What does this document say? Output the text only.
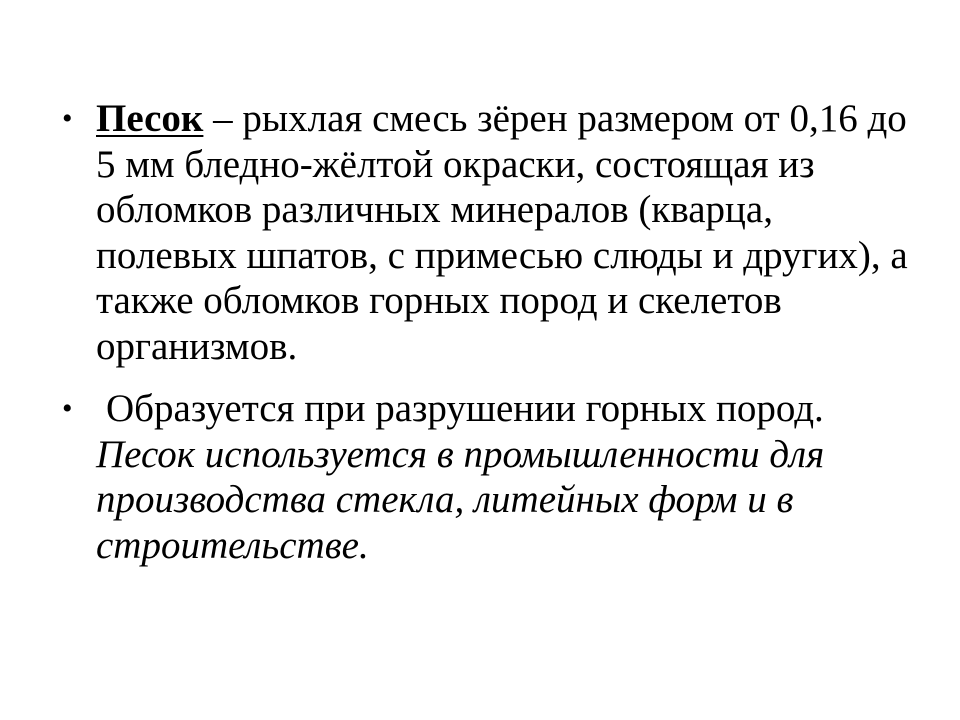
• Песок – рыхлая смесь зёрен размером от 0,16 до 5 мм бледно-жёлтой окраски, состоящая из обломков различных минералов (кварца, полевых шпатов, с примесью слюды и других), а также обломков горных пород и скелетов организмов.
• Образуется при разрушении горных пород. Песок используется в промышленности для производства стекла, литейных форм и в строительстве.
